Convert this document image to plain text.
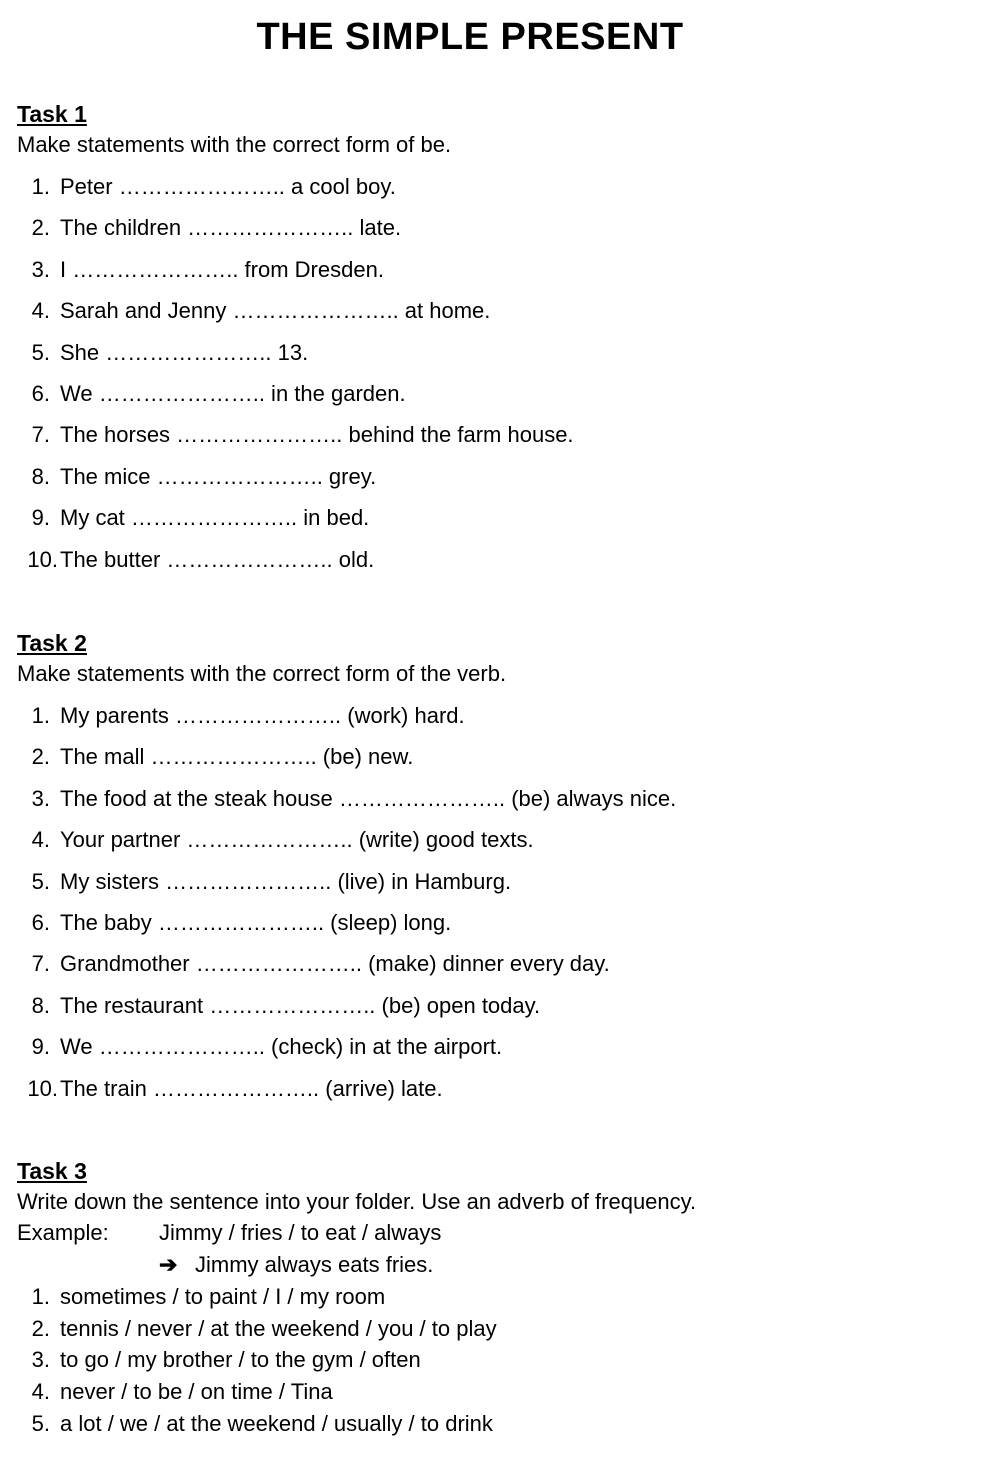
THE SIMPLE PRESENT
Task 1

Make statements with the correct form of be.

1. Peter ………………….. a cool boy.
2. The children ………………….. late.
3. I ………………….. from Dresden.
4. Sarah and Jenny ………………….. at home.
5. She ………………….. 13.
6. We ………………….. in the garden.
7. The horses ………………….. behind the farm house.
8. The mice ………………….. grey.
9. My cat ………………….. in bed.
10. The butter ………………….. old.
Task 2

Make statements with the correct form of the verb.

1. My parents ………………….. (work) hard.
2. The mall ………………….. (be) new.
3. The food at the steak house ………………….. (be) always nice.
4. Your partner ………………….. (write) good texts.
5. My sisters ………………….. (live) in Hamburg.
6. The baby ………………….. (sleep) long.
7. Grandmother ………………….. (make) dinner every day.
8. The restaurant ………………….. (be) open today.
9. We ………………….. (check) in at the airport.
10. The train ………………….. (arrive) late.
Task 3

Write down the sentence into your folder. Use an adverb of frequency.

Example:	Jimmy / fries / to eat / always
➔ Jimmy always eats fries.
1. sometimes / to paint / I / my room
2. tennis / never / at the weekend / you / to play
3. to go / my brother / to the gym / often
4. never / to be / on time / Tina
5. a lot / we / at the weekend / usually / to drink
